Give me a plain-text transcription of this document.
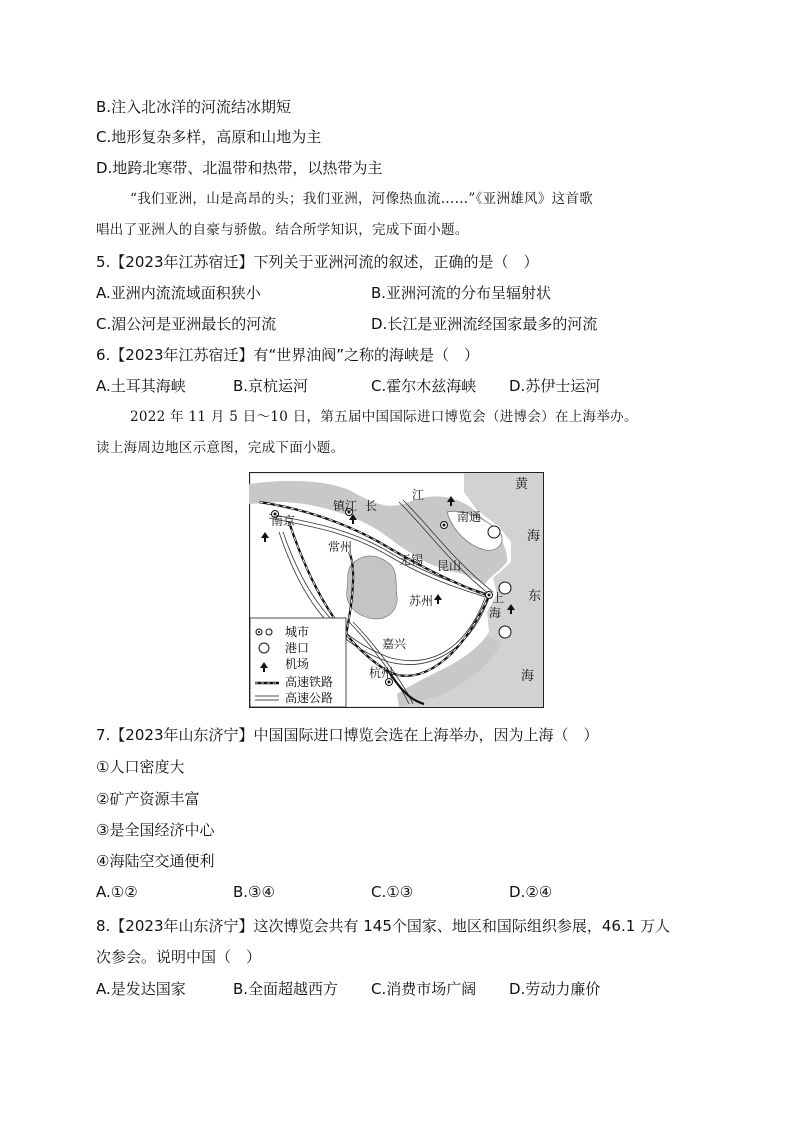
B.注入北冰洋的河流结冰期短
C.地形复杂多样，高原和山地为主
D.地跨北寒带、北温带和热带，以热带为主
“我们亚洲，山是高昂的头；我们亚洲，河像热血流……”《亚洲雄风》这首歌
唱出了亚洲人的自豪与骄傲。结合所学知识，完成下面小题。
5.【2023年江苏宿迁】下列关于亚洲河流的叙述，正确的是（　）
A.亚洲内流流域面积狭小	B.亚洲河流的分布呈辐射状
C.湄公河是亚洲最长的河流	D.长江是亚洲流经国家最多的河流
6.【2023年江苏宿迁】有“世界油阀”之称的海峡是（　）
A.土耳其海峡	B.京杭运河	C.霍尔木兹海峡 D.苏伊士运河
2022 年 11 月 5 日～10 日，第五届中国国际进口博览会（进博会）在上海举办。
读上海周边地区示意图，完成下面小题。
南京
镇江 长
江
南通
常州
无锡 昆山
苏州
嘉兴
杭州
上
海
黄
海
东
海
城市
港口
机场
高速铁路
高速公路
7.【2023年山东济宁】中国国际进口博览会选在上海举办，因为上海（　）
①人口密度大
②矿产资源丰富
③是全国经济中心
④海陆空交通便利
A.①②	B.③④	C.①③	D.②④
8.【2023年山东济宁】这次博览会共有 145个国家、地区和国际组织参展，46.1 万人
次参会。说明中国（　）
A.是发达国家	B.全面超越西方 C.消费市场广阔 D.劳动力廉价
